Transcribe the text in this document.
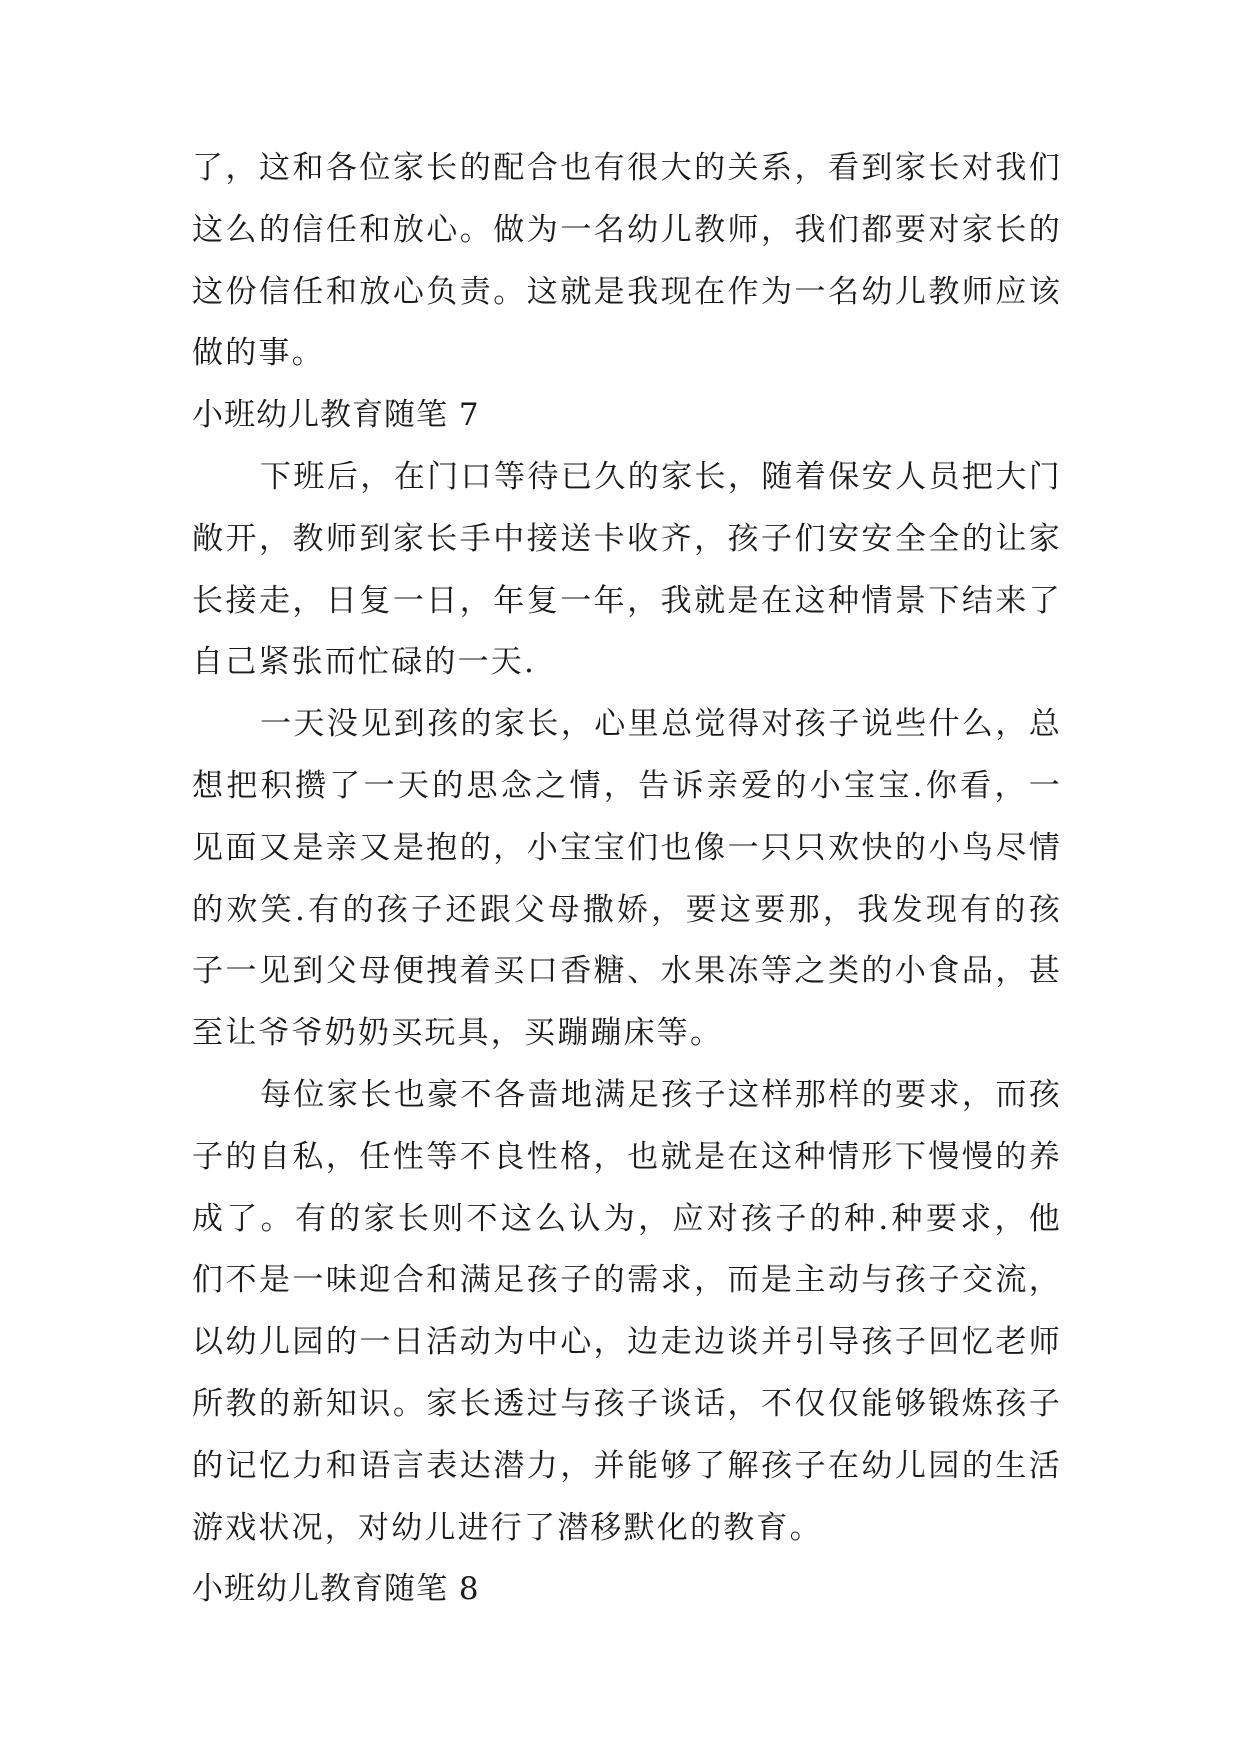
了，这和各位家长的配合也有很大的关系，看到家长对我们这么的信任和放心。做为一名幼儿教师，我们都要对家长的这份信任和放心负责。这就是我现在作为一名幼儿教师应该做的事。

小班幼儿教育随笔 7

下班后，在门口等待已久的家长，随着保安人员把大门敞开，教师到家长手中接送卡收齐，孩子们安安全全的让家长接走，日复一日，年复一年，我就是在这种情景下结来了自己紧张而忙碌的一天.

一天没见到孩的家长，心里总觉得对孩子说些什么，总想把积攒了一天的思念之情，告诉亲爱的小宝宝.你看，一见面又是亲又是抱的，小宝宝们也像一只只欢快的小鸟尽情的欢笑.有的孩子还跟父母撒娇，要这要那，我发现有的孩子一见到父母便拽着买口香糖、水果冻等之类的小食品，甚至让爷爷奶奶买玩具，买蹦蹦床等。

每位家长也豪不各啬地满足孩子这样那样的要求，而孩子的自私，任性等不良性格，也就是在这种情形下慢慢的养成了。有的家长则不这么认为，应对孩子的种.种要求，他们不是一味迎合和满足孩子的需求，而是主动与孩子交流，以幼儿园的一日活动为中心，边走边谈并引导孩子回忆老师所教的新知识。家长透过与孩子谈话，不仅仅能够锻炼孩子的记忆力和语言表达潜力，并能够了解孩子在幼儿园的生活游戏状况，对幼儿进行了潜移默化的教育。

小班幼儿教育随笔 8
